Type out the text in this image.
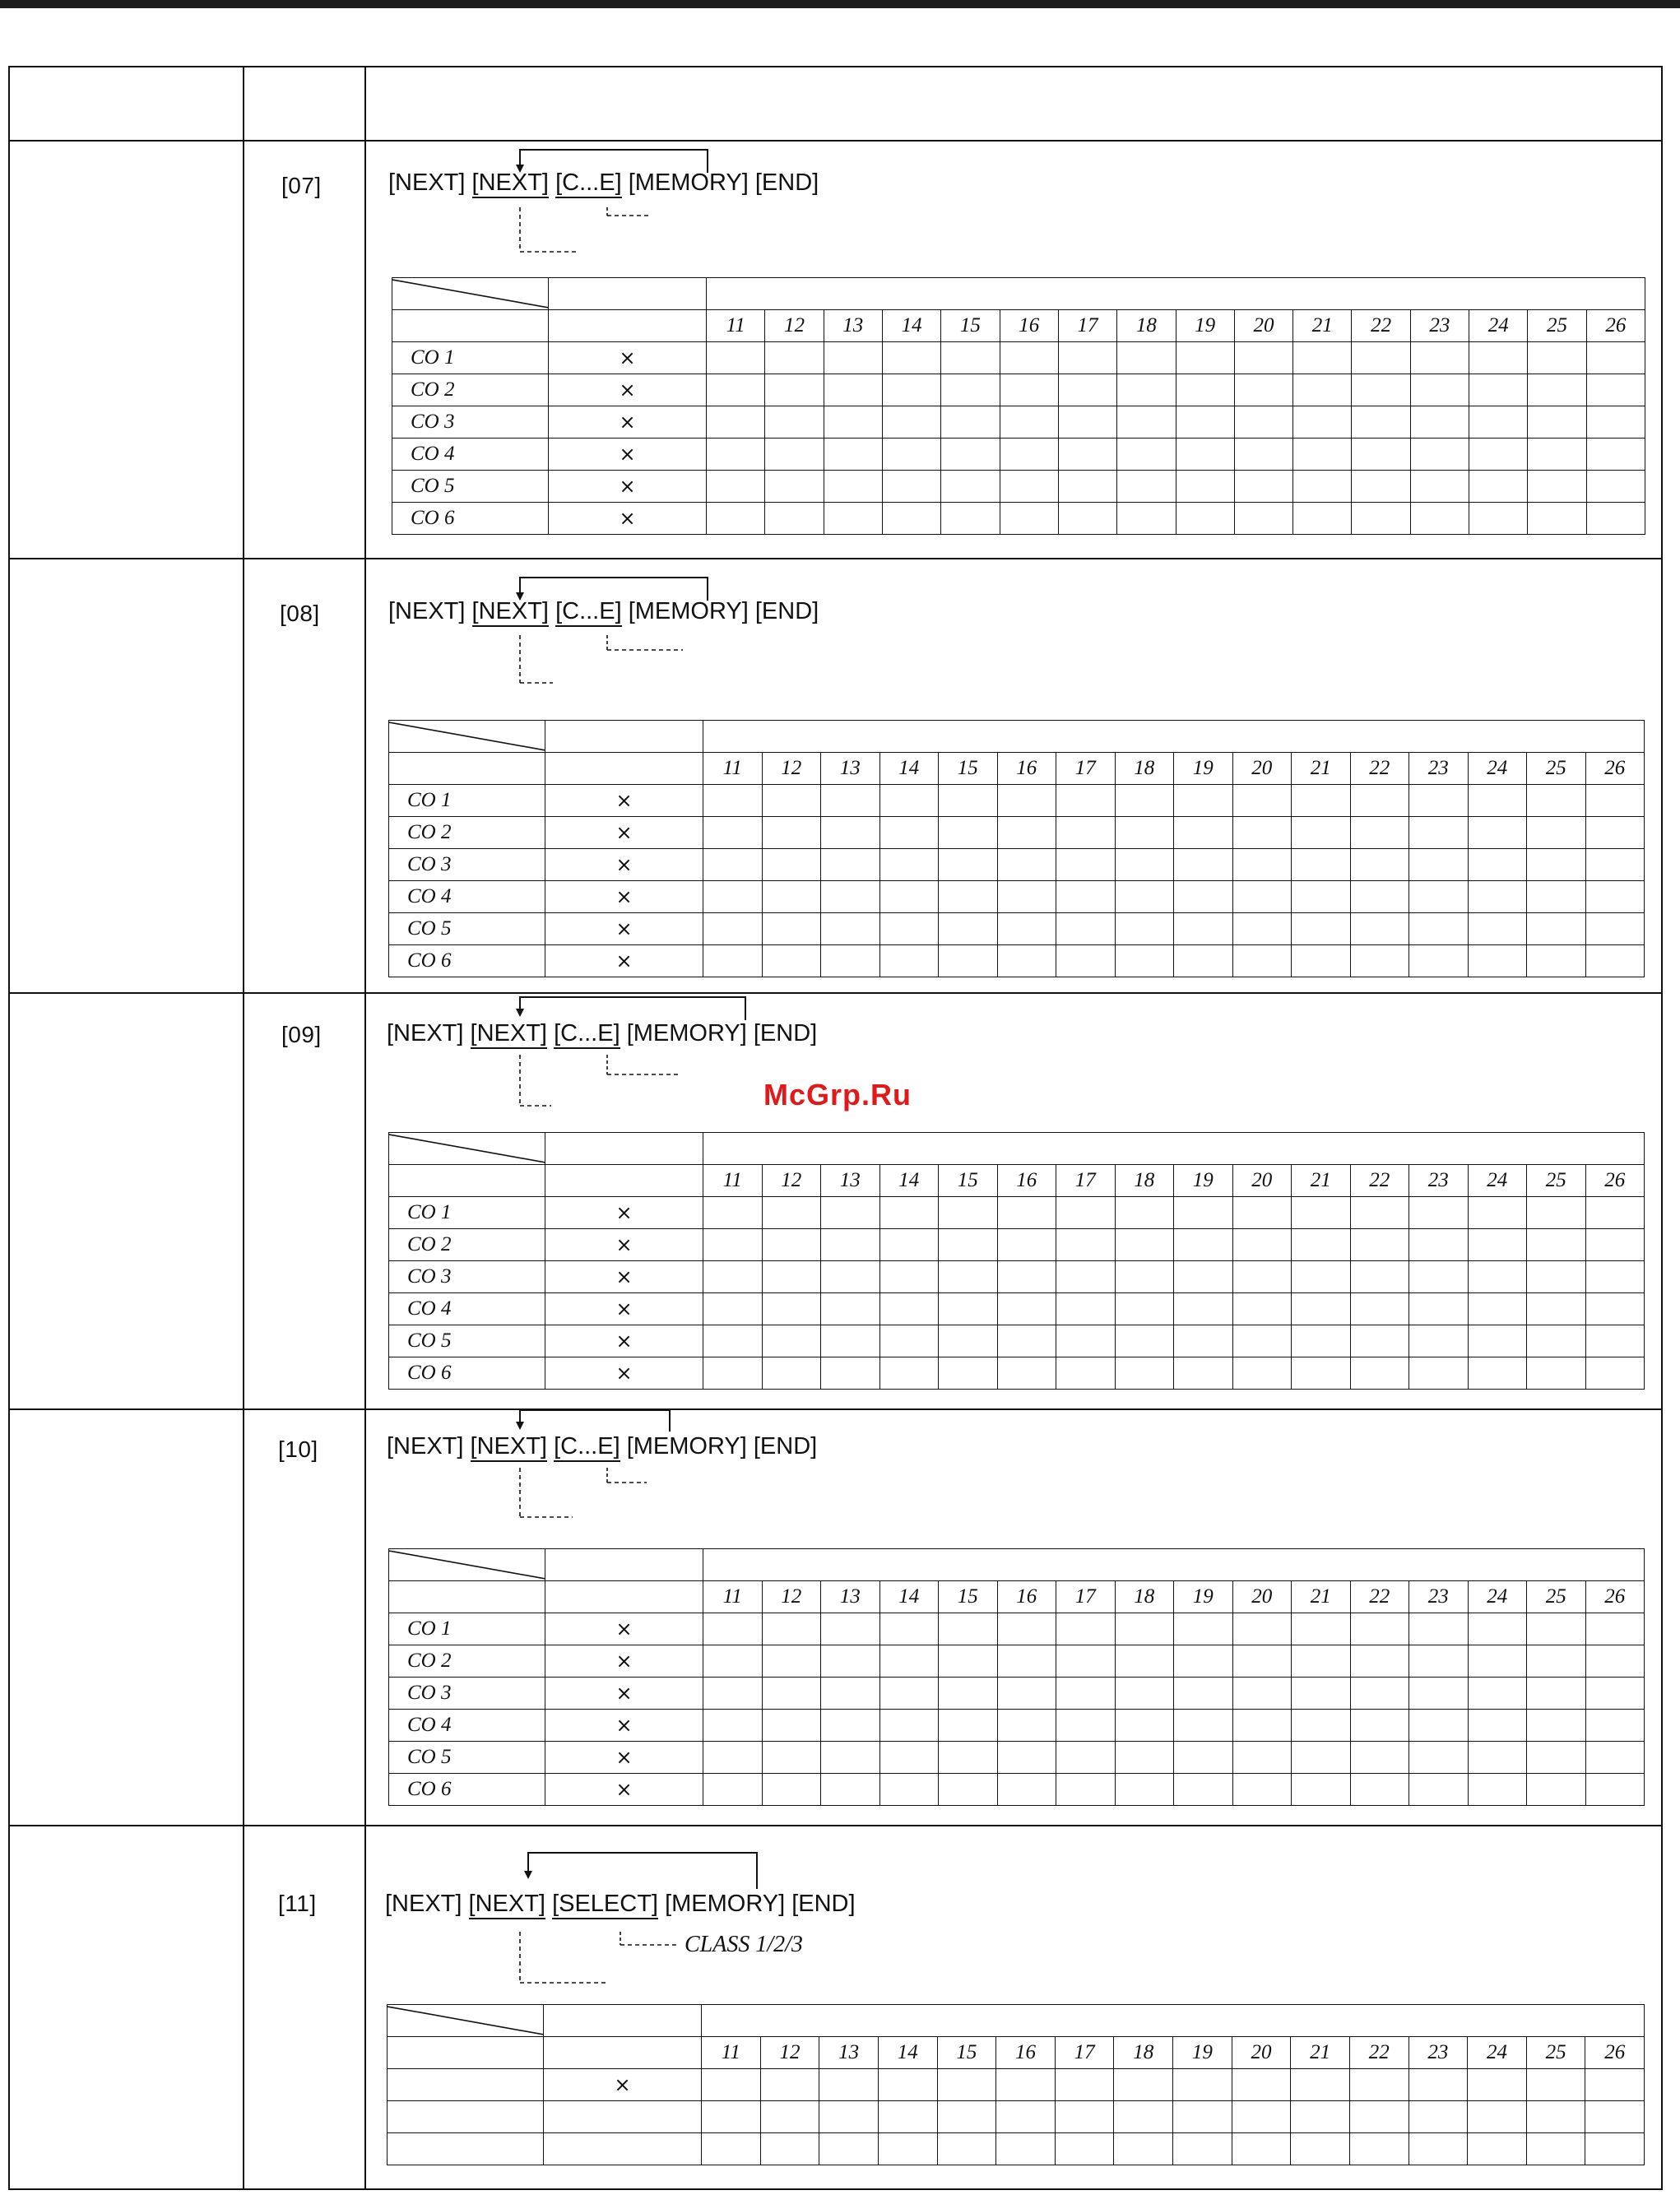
[07]	[NEXT] [NEXT] [C...E] [MEMORY] [END]

		11	12	13	14	15	16	17	18	19	20	21	22	23	24	25	26
CO 1	×																
CO 2	×																
CO 3	×																
CO 4	×																
CO 5	×																
CO 6	×																
[08]	[NEXT] [NEXT] [C...E] [MEMORY] [END]

		11	12	13	14	15	16	17	18	19	20	21	22	23	24	25	26
CO 1	×																
CO 2	×																
CO 3	×																
CO 4	×																
CO 5	×																
CO 6	×																
[09]	[NEXT] [NEXT] [C...E] [MEMORY] [END]

		11	12	13	14	15	16	17	18	19	20	21	22	23	24	25	26
CO 1	×																
CO 2	×																
CO 3	×																
CO 4	×																
CO 5	×																
CO 6	×																
[10]	[NEXT] [NEXT] [C...E] [MEMORY] [END]

		11	12	13	14	15	16	17	18	19	20	21	22	23	24	25	26
CO 1	×																
CO 2	×																
CO 3	×																
CO 4	×																
CO 5	×																
CO 6	×																
[11]	[NEXT] [NEXT] [SELECT] [MEMORY] [END]
CLASS 1/2/3

		11	12	13	14	15	16	17	18	19	20	21	22	23	24	25	26
	×																

McGrp.Ru
